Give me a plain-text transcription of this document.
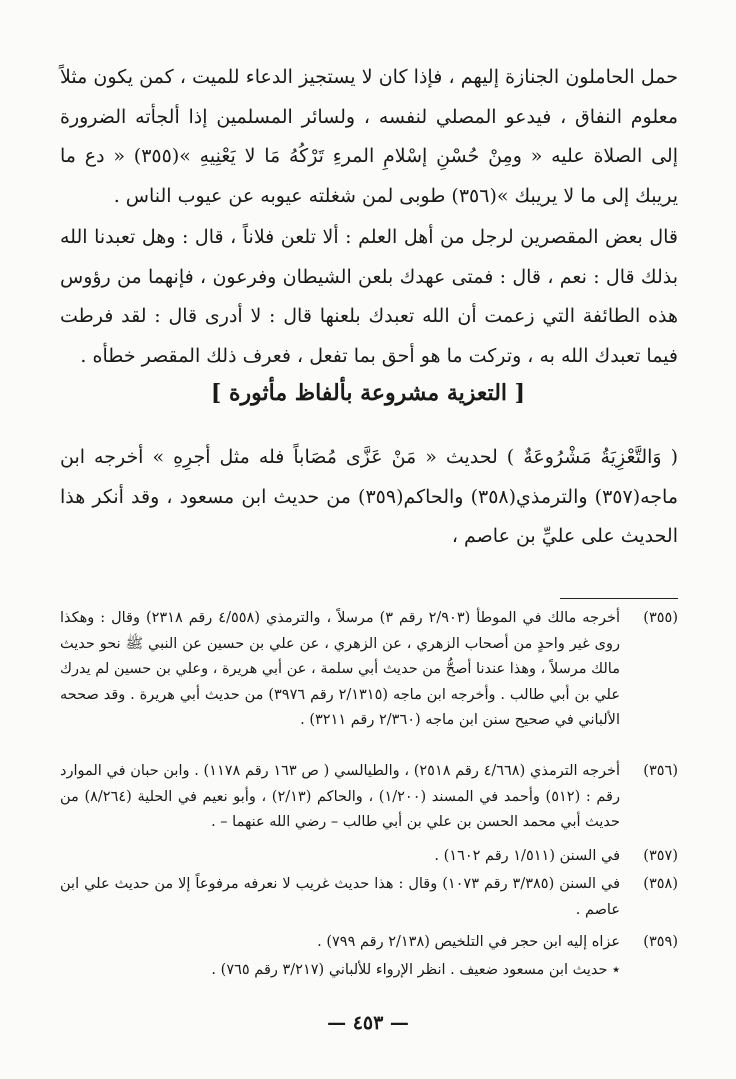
حمل الحاملون الجنازة إليهم ، فإذا كان لا يستجيز الدعاء للميت ، كمن يكون مثلاً معلوم النفاق ، فيدعو المصلي لنفسه ، ولسائر المسلمين إذا ألجأته الضرورة إلى الصلاة عليه « ومِنْ حُسْنِ إسْلامِ المرءِ تَرْكُهُ مَا لا يَعْنِيهِ »(٣٥٥) « دع ما يريبك إلى ما لا يريبك »(٣٥٦) طوبى لمن شغلته عيوبه عن عيوب الناس .
قال بعض المقصرين لرجل من أهل العلم : ألا تلعن فلاناً ، قال : وهل تعبدنا الله بذلك قال : نعم ، قال : فمتى عهدك بلعن الشيطان وفرعون ، فإنهما من رؤوس هذه الطائفة التي زعمت أن الله تعبدك بلعنها قال : لا أدرى قال : لقد فرطت فيما تعبدك الله به ، وتركت ما هو أحق بما تفعل ، فعرف ذلك المقصر خطأه .
[ التعزية مشروعة بألفاظ مأثورة ]
( وَالتَّعْزِيَةُ مَشْرُوعَةٌ ) لحديث « مَنْ عَزَّى مُصَاباً فله مثل أجرِهِ » أخرجه ابن ماجه(٣٥٧) والترمذي(٣٥٨) والحاكم(٣٥٩) من حديث ابن مسعود ، وقد أنكر هذا الحديث على عليِّ بن عاصم ،
(٣٥٥)
أخرجه مالك في الموطأ (٢/٩٠٣ رقم ٣) مرسلاً ، والترمذي (٤/٥٥٨ رقم ٢٣١٨) وقال : وهكذا روى غير واحدٍ من أصحاب الزهري ، عن الزهري ، عن علي بن حسين عن النبي ﷺ نحو حديث مالك مرسلاً ، وهذا عندنا أصحُّ من حديث أبي سلمة ، عن أبي هريرة ، وعلي بن حسين لم يدرك علي بن أبي طالب . وأخرجه ابن ماجه (٢/١٣١٥ رقم ٣٩٧٦) من حديث أبي هريرة . وقد صححه الألباني في صحيح سنن ابن ماجه (٢/٣٦٠ رقم ٣٢١١) .
(٣٥٦)
أخرجه الترمذي (٤/٦٦٨ رقم ٢٥١٨) ، والطيالسي ( ص ١٦٣ رقم ١١٧٨) . وابن حبان في الموارد رقم : (٥١٢) وأحمد في المسند (١/٢٠٠) ، والحاكم (٢/١٣) ، وأبو نعيم في الحلية (٨/٢٦٤) من حديث أبي محمد الحسن بن علي بن أبي طالب – رضي الله عنهما – .
(٣٥٧)
في السنن (١/٥١١ رقم ١٦٠٢) .
(٣٥٨)
في السنن (٣/٣٨٥ رقم ١٠٧٣) وقال : هذا حديث غريب لا نعرفه مرفوعاً إلا من حديث علي ابن عاصم .
(٣٥٩)
عزاه إليه ابن حجر في التلخيص (٢/١٣٨ رقم ٧٩٩) .
٭ حديث ابن مسعود ضعيف . انظر الإرواء للألباني (٣/٢١٧ رقم ٧٦٥) .
— ٤٥٣ —
